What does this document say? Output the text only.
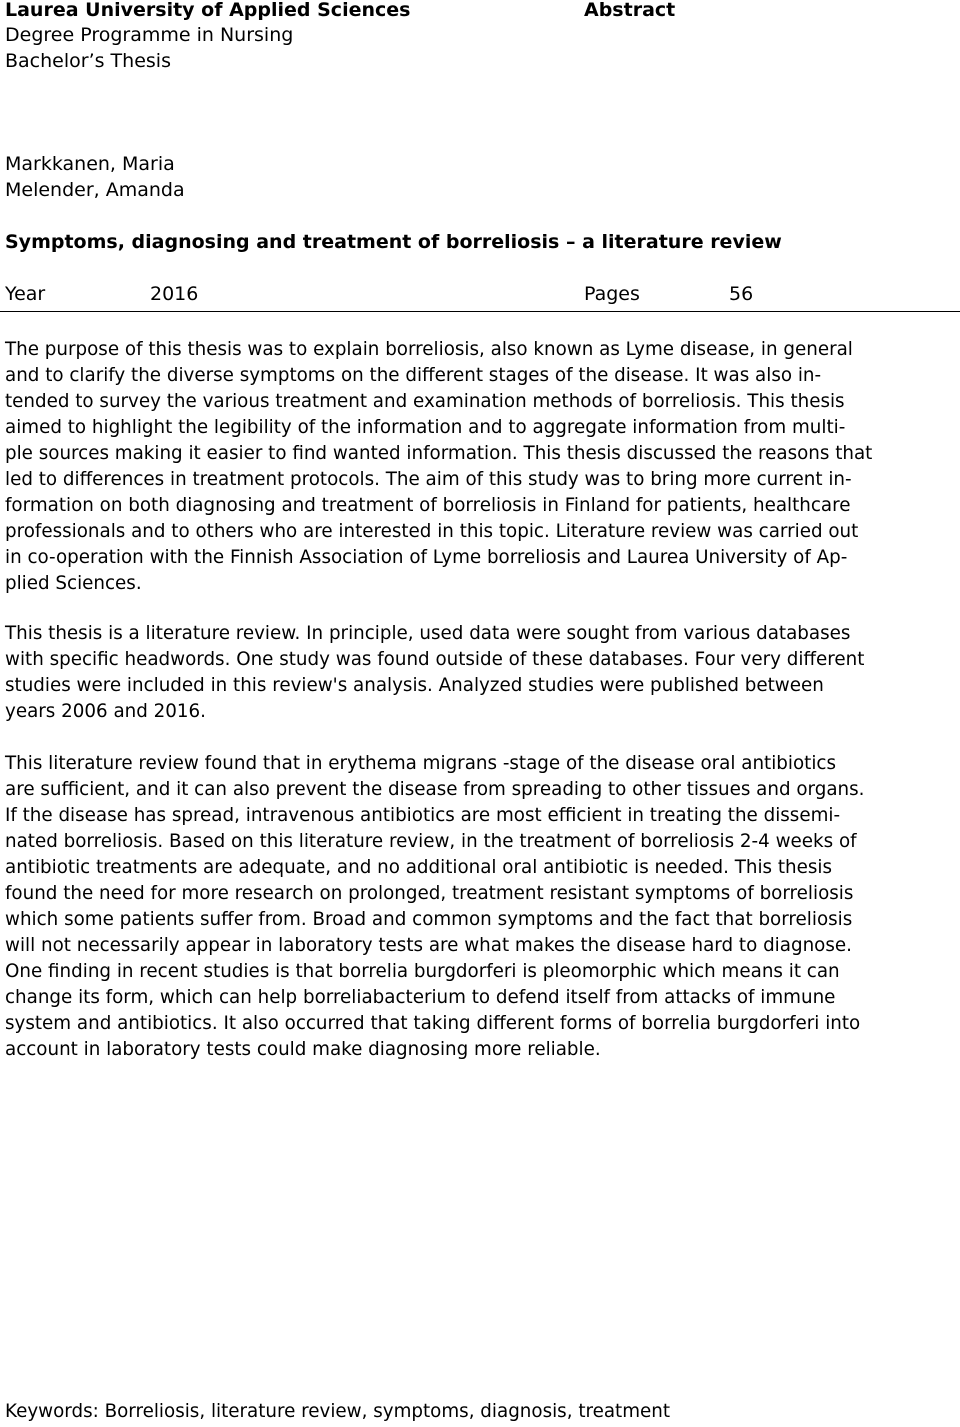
Laurea University of Applied Sciences
Degree Programme in Nursing
Bachelor’s Thesis
Abstract
Markkanen, Maria
Melender, Amanda
Symptoms, diagnosing and treatment of borreliosis – a literature review
Year	2016	Pages	56
The purpose of this thesis was to explain borreliosis, also known as Lyme disease, in general
and to clarify the diverse symptoms on the different stages of the disease. It was also in-
tended to survey the various treatment and examination methods of borreliosis. This thesis
aimed to highlight the legibility of the information and to aggregate information from multi-
ple sources making it easier to find wanted information. This thesis discussed the reasons that
led to differences in treatment protocols. The aim of this study was to bring more current in-
formation on both diagnosing and treatment of borreliosis in Finland for patients, healthcare
professionals and to others who are interested in this topic. Literature review was carried out
in co-operation with the Finnish Association of Lyme borreliosis and Laurea University of Ap-
plied Sciences.
This thesis is a literature review. In principle, used data were sought from various databases
with specific headwords. One study was found outside of these databases. Four very different
studies were included in this review's analysis. Analyzed studies were published between
years 2006 and 2016.
This literature review found that in erythema migrans -stage of the disease oral antibiotics
are sufficient, and it can also prevent the disease from spreading to other tissues and organs.
If the disease has spread, intravenous antibiotics are most efficient in treating the dissemi-
nated borreliosis. Based on this literature review, in the treatment of borreliosis 2-4 weeks of
antibiotic treatments are adequate, and no additional oral antibiotic is needed. This thesis
found the need for more research on prolonged, treatment resistant symptoms of borreliosis
which some patients suffer from. Broad and common symptoms and the fact that borreliosis
will not necessarily appear in laboratory tests are what makes the disease hard to diagnose.
One finding in recent studies is that borrelia burgdorferi is pleomorphic which means it can
change its form, which can help borreliabacterium to defend itself from attacks of immune
system and antibiotics. It also occurred that taking different forms of borrelia burgdorferi into
account in laboratory tests could make diagnosing more reliable.
Keywords: Borreliosis, literature review, symptoms, diagnosis, treatment
